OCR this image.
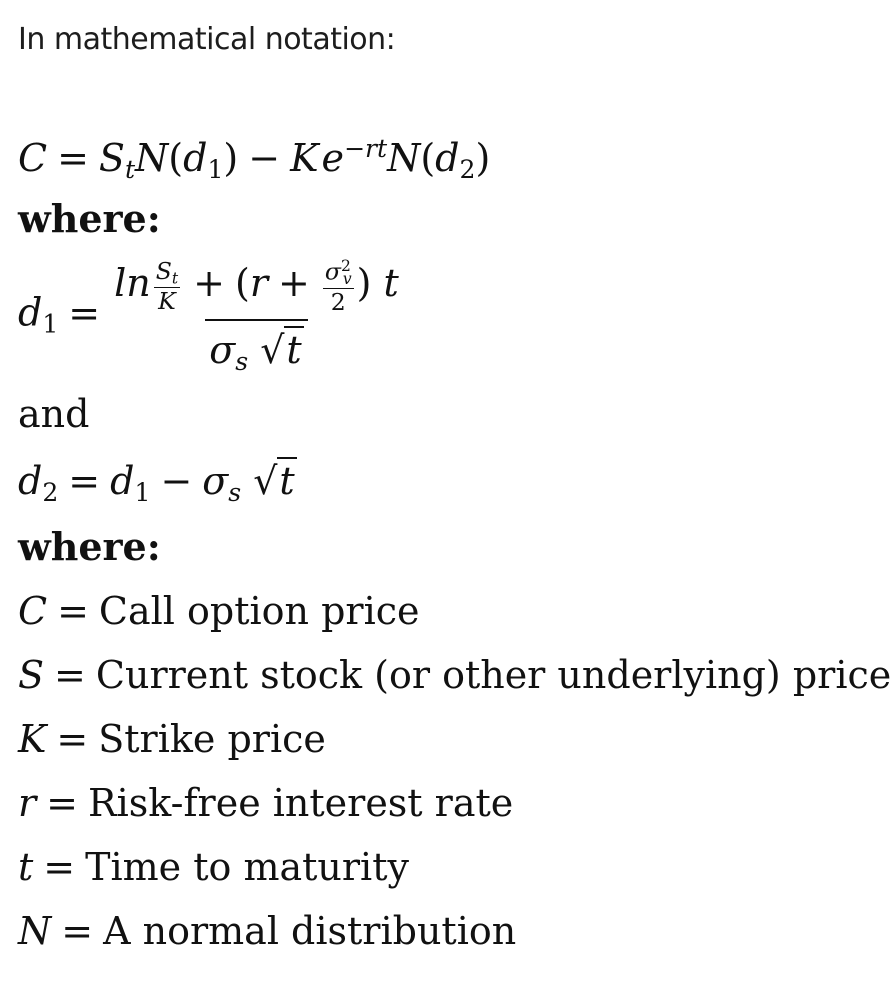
In mathematical notation:
$C = S_tN(d_1) - Ke^{-rt}N(d_2)$
where:
$d_1 = \frac{\ln \frac{S_t}{K} + (r + \frac{\sigma^2_v}{2} ) t}{\sigma_s √t}$
and
$d_2 = d_1 - \sigma_s$ √t
where:
C = Call option price
S = Current stock (or other underlying) price
K = Strike price
r = Risk-free interest rate
t = Time to maturity
N = A normal distribution
